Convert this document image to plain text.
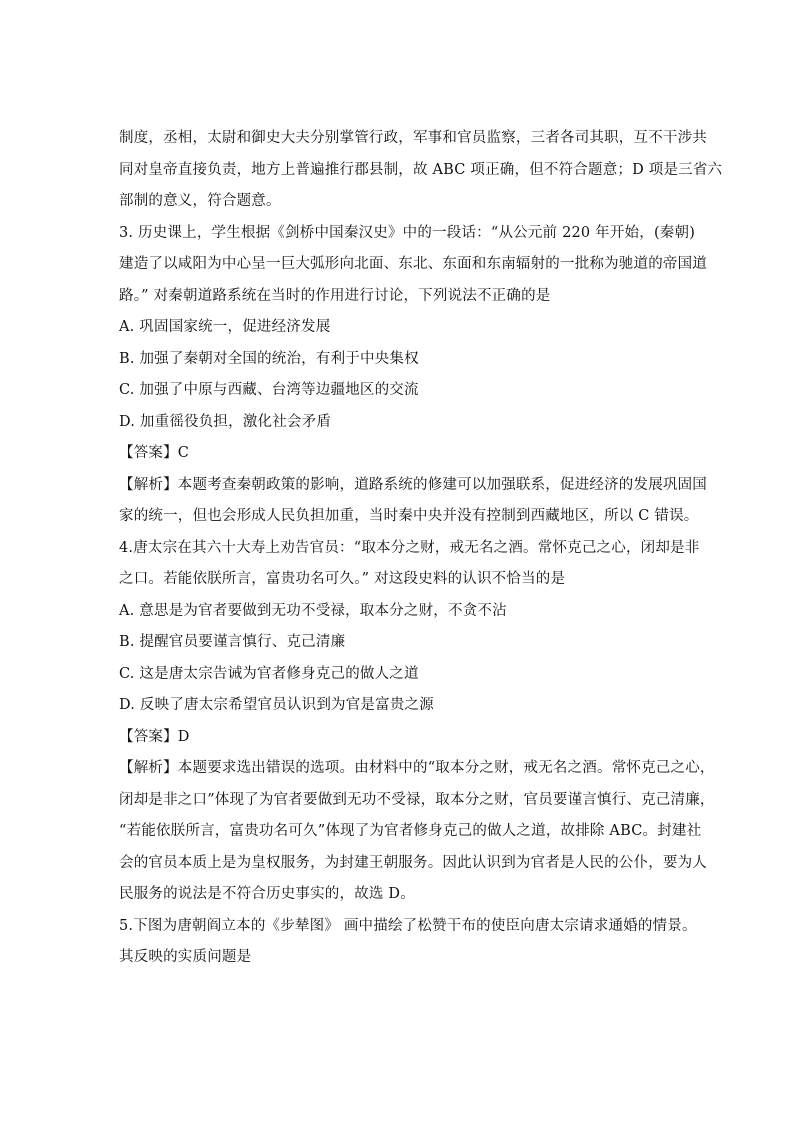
制度，丞相，太尉和御史大夫分别掌管行政，军事和官员监察，三者各司其职，互不干涉共
同对皇帝直接负责，地方上普遍推行郡县制，故 ABC 项正确，但不符合题意；D 项是三省六
部制的意义，符合题意。
3. 历史课上，学生根据《剑桥中国秦汉史》中的一段话：“从公元前 220 年开始，(秦朝)
建造了以咸阳为中心呈一巨大弧形向北面、东北、东面和东南辐射的一批称为驰道的帝国道
路。” 对秦朝道路系统在当时的作用进行讨论，下列说法不正确的是
A. 巩固国家统一，促进经济发展
B. 加强了秦朝对全国的统治，有利于中央集权
C. 加强了中原与西藏、台湾等边疆地区的交流
D. 加重徭役负担，激化社会矛盾
【答案】C
【解析】本题考查秦朝政策的影响，道路系统的修建可以加强联系，促进经济的发展巩固国
家的统一，但也会形成人民负担加重，当时秦中央并没有控制到西藏地区，所以 C 错误。
4.唐太宗在其六十大寿上劝告官员：“取本分之财，戒无名之酒。常怀克己之心，闭却是非
之口。若能依朕所言，富贵功名可久。” 对这段史料的认识不恰当的是
A. 意思是为官者要做到无功不受禄，取本分之财，不贪不沾
B. 提醒官员要谨言慎行、克己清廉
C. 这是唐太宗告诫为官者修身克己的做人之道
D. 反映了唐太宗希望官员认识到为官是富贵之源
【答案】D
【解析】本题要求选出错误的选项。由材料中的“取本分之财，戒无名之酒。常怀克己之心，
闭却是非之口”体现了为官者要做到无功不受禄，取本分之财，官员要谨言慎行、克己清廉，
“若能依朕所言，富贵功名可久”体现了为官者修身克己的做人之道，故排除 ABC。封建社
会的官员本质上是为皇权服务，为封建王朝服务。因此认识到为官者是人民的公仆，要为人
民服务的说法是不符合历史事实的，故选 D。
5.下图为唐朝阎立本的《步辇图》 画中描绘了松赞干布的使臣向唐太宗请求通婚的情景。
其反映的实质问题是
